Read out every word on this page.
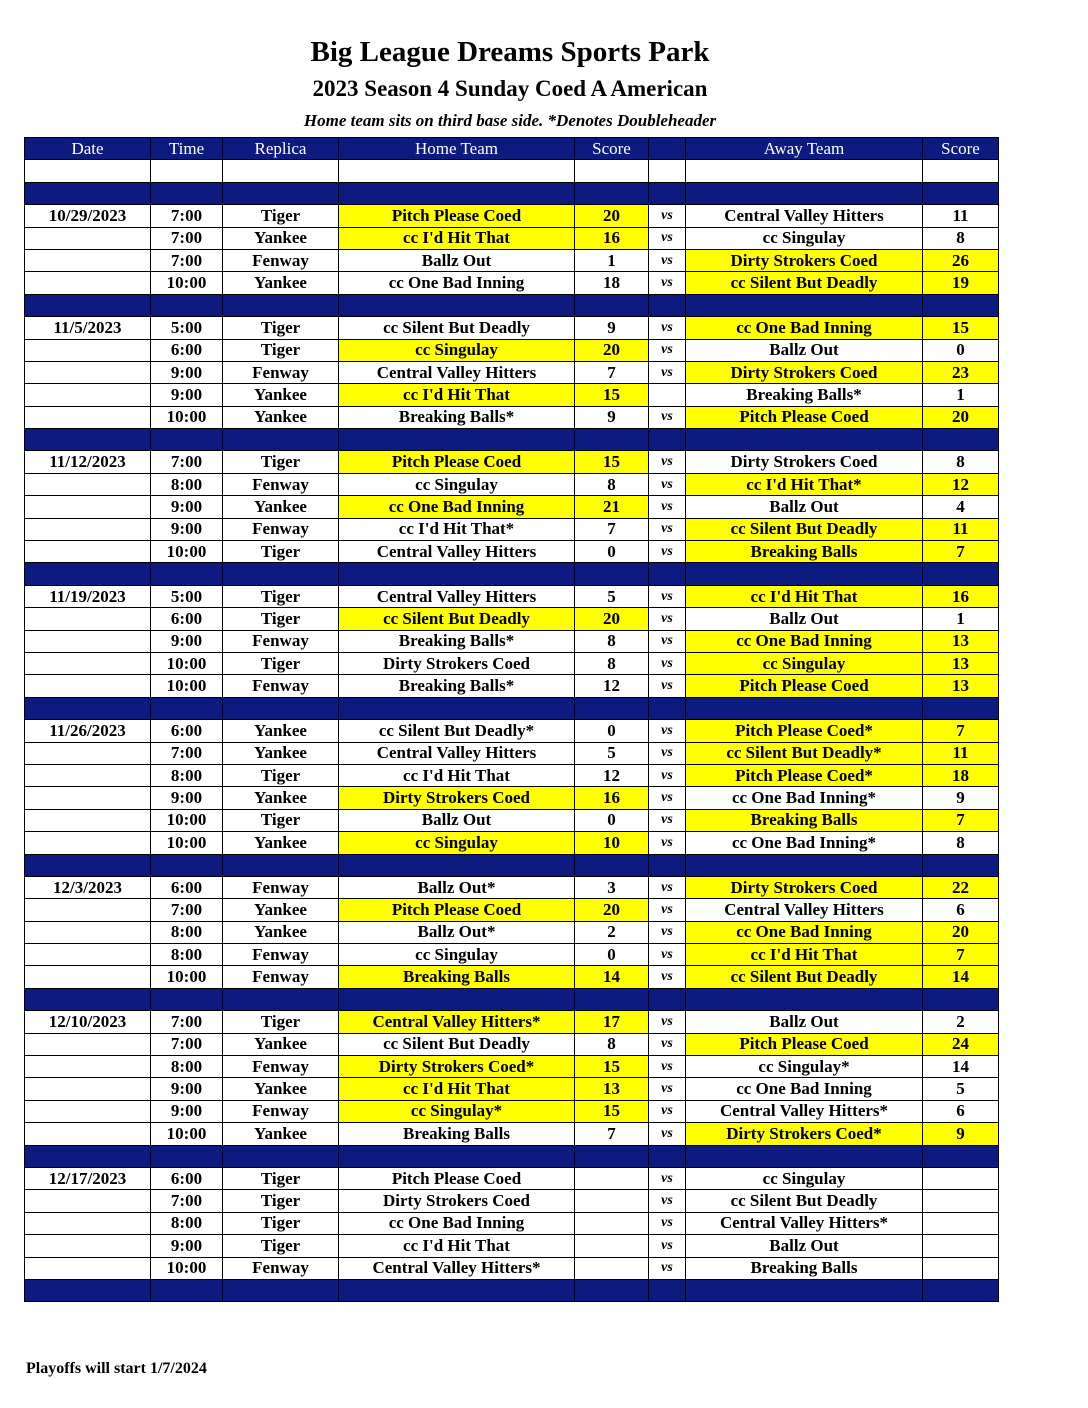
Big League Dreams Sports Park
2023 Season 4 Sunday Coed A American
Home team sits on third base side. *Denotes Doubleheader
Date	Time	Replica	Home Team	Score		Away Team	Score

10/29/2023	7:00	Tiger	Pitch Please Coed	20	vs	Central Valley Hitters	11
	7:00	Yankee	cc I'd Hit That	16	vs	cc Singulay	8
	7:00	Fenway	Ballz Out	1	vs	Dirty Strokers Coed	26
	10:00	Yankee	cc One Bad Inning	18	vs	cc Silent But Deadly	19

11/5/2023	5:00	Tiger	cc Silent But Deadly	9	vs	cc One Bad Inning	15
	6:00	Tiger	cc Singulay	20	vs	Ballz Out	0
	9:00	Fenway	Central Valley Hitters	7	vs	Dirty Strokers Coed	23
	9:00	Yankee	cc I'd Hit That	15		Breaking Balls*	1
	10:00	Yankee	Breaking Balls*	9	vs	Pitch Please Coed	20

11/12/2023	7:00	Tiger	Pitch Please Coed	15	vs	Dirty Strokers Coed	8
	8:00	Fenway	cc Singulay	8	vs	cc I'd Hit That*	12
	9:00	Yankee	cc One Bad Inning	21	vs	Ballz Out	4
	9:00	Fenway	cc I'd Hit That*	7	vs	cc Silent But Deadly	11
	10:00	Tiger	Central Valley Hitters	0	vs	Breaking Balls	7

11/19/2023	5:00	Tiger	Central Valley Hitters	5	vs	cc I'd Hit That	16
	6:00	Tiger	cc Silent But Deadly	20	vs	Ballz Out	1
	9:00	Fenway	Breaking Balls*	8	vs	cc One Bad Inning	13
	10:00	Tiger	Dirty Strokers Coed	8	vs	cc Singulay	13
	10:00	Fenway	Breaking Balls*	12	vs	Pitch Please Coed	13

11/26/2023	6:00	Yankee	cc Silent But Deadly*	0	vs	Pitch Please Coed*	7
	7:00	Yankee	Central Valley Hitters	5	vs	cc Silent But Deadly*	11
	8:00	Tiger	cc I'd Hit That	12	vs	Pitch Please Coed*	18
	9:00	Yankee	Dirty Strokers Coed	16	vs	cc One Bad Inning*	9
	10:00	Tiger	Ballz Out	0	vs	Breaking Balls	7
	10:00	Yankee	cc Singulay	10	vs	cc One Bad Inning*	8

12/3/2023	6:00	Fenway	Ballz Out*	3	vs	Dirty Strokers Coed	22
	7:00	Yankee	Pitch Please Coed	20	vs	Central Valley Hitters	6
	8:00	Yankee	Ballz Out*	2	vs	cc One Bad Inning	20
	8:00	Fenway	cc Singulay	0	vs	cc I'd Hit That	7
	10:00	Fenway	Breaking Balls	14	vs	cc Silent But Deadly	14

12/10/2023	7:00	Tiger	Central Valley Hitters*	17	vs	Ballz Out	2
	7:00	Yankee	cc Silent But Deadly	8	vs	Pitch Please Coed	24
	8:00	Fenway	Dirty Strokers Coed*	15	vs	cc Singulay*	14
	9:00	Yankee	cc I'd Hit That	13	vs	cc One Bad Inning	5
	9:00	Fenway	cc Singulay*	15	vs	Central Valley Hitters*	6
	10:00	Yankee	Breaking Balls	7	vs	Dirty Strokers Coed*	9

12/17/2023	6:00	Tiger	Pitch Please Coed		vs	cc Singulay	
	7:00	Tiger	Dirty Strokers Coed		vs	cc Silent But Deadly	
	8:00	Tiger	cc One Bad Inning		vs	Central Valley Hitters*	
	9:00	Tiger	cc I'd Hit That		vs	Ballz Out	
	10:00	Fenway	Central Valley Hitters*		vs	Breaking Balls	

Playoffs will start 1/7/2024
